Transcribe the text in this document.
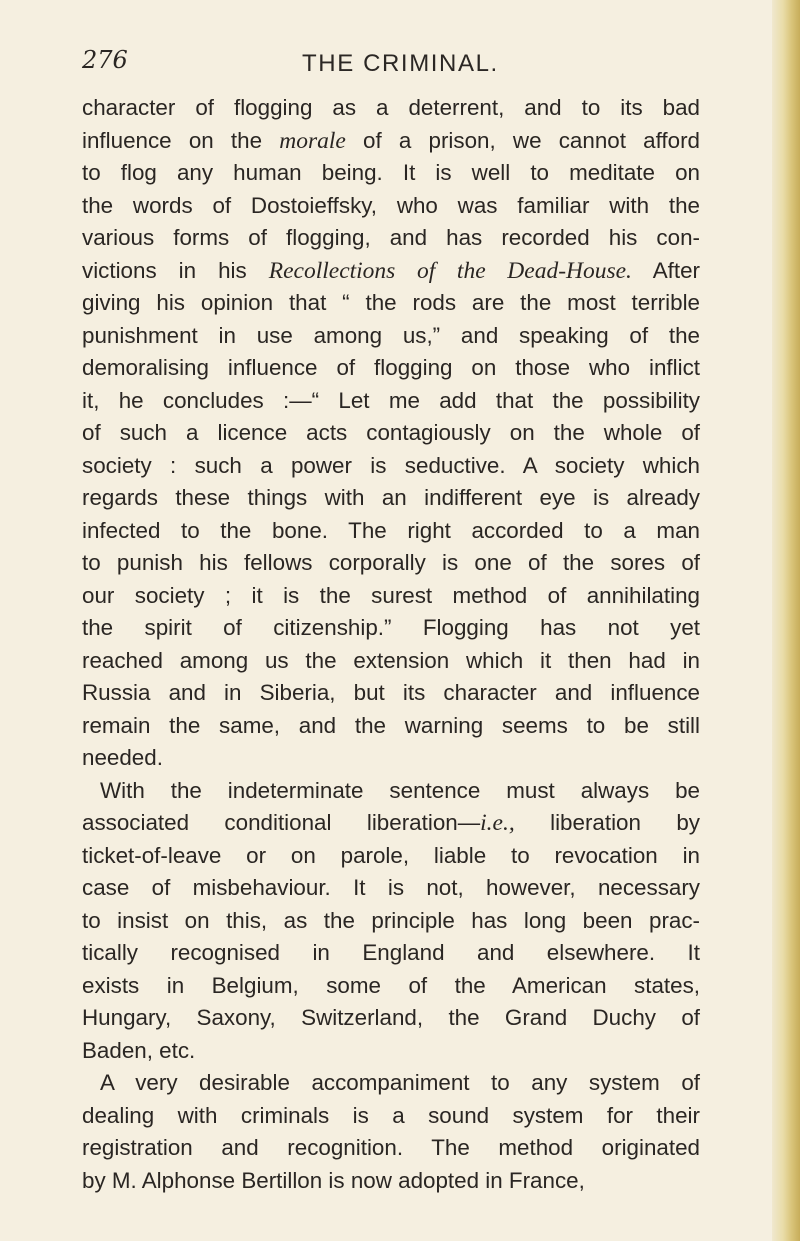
276	THE CRIMINAL.
character of flogging as a deterrent, and to its bad
influence on the morale of a prison, we cannot afford
to flog any human being. It is well to meditate on
the words of Dostoieffsky, who was familiar with the
various forms of flogging, and has recorded his con-
victions in his Recollections of the Dead-House. After
giving his opinion that “ the rods are the most terrible
punishment in use among us,” and speaking of the
demoralising influence of flogging on those who inflict
it, he concludes :—“ Let me add that the possibility
of such a licence acts contagiously on the whole of
society : such a power is seductive. A society which
regards these things with an indifferent eye is already
infected to the bone. The right accorded to a man
to punish his fellows corporally is one of the sores of
our society ; it is the surest method of annihilating
the spirit of citizenship.” Flogging has not yet
reached among us the extension which it then had in
Russia and in Siberia, but its character and influence
remain the same, and the warning seems to be still
needed.
With the indeterminate sentence must always be
associated conditional liberation—i.e., liberation by
ticket-of-leave or on parole, liable to revocation in
case of misbehaviour. It is not, however, necessary
to insist on this, as the principle has long been prac-
tically recognised in England and elsewhere. It
exists in Belgium, some of the American states,
Hungary, Saxony, Switzerland, the Grand Duchy of
Baden, etc.
A very desirable accompaniment to any system of
dealing with criminals is a sound system for their
registration and recognition. The method originated
by M. Alphonse Bertillon is now adopted in France,
